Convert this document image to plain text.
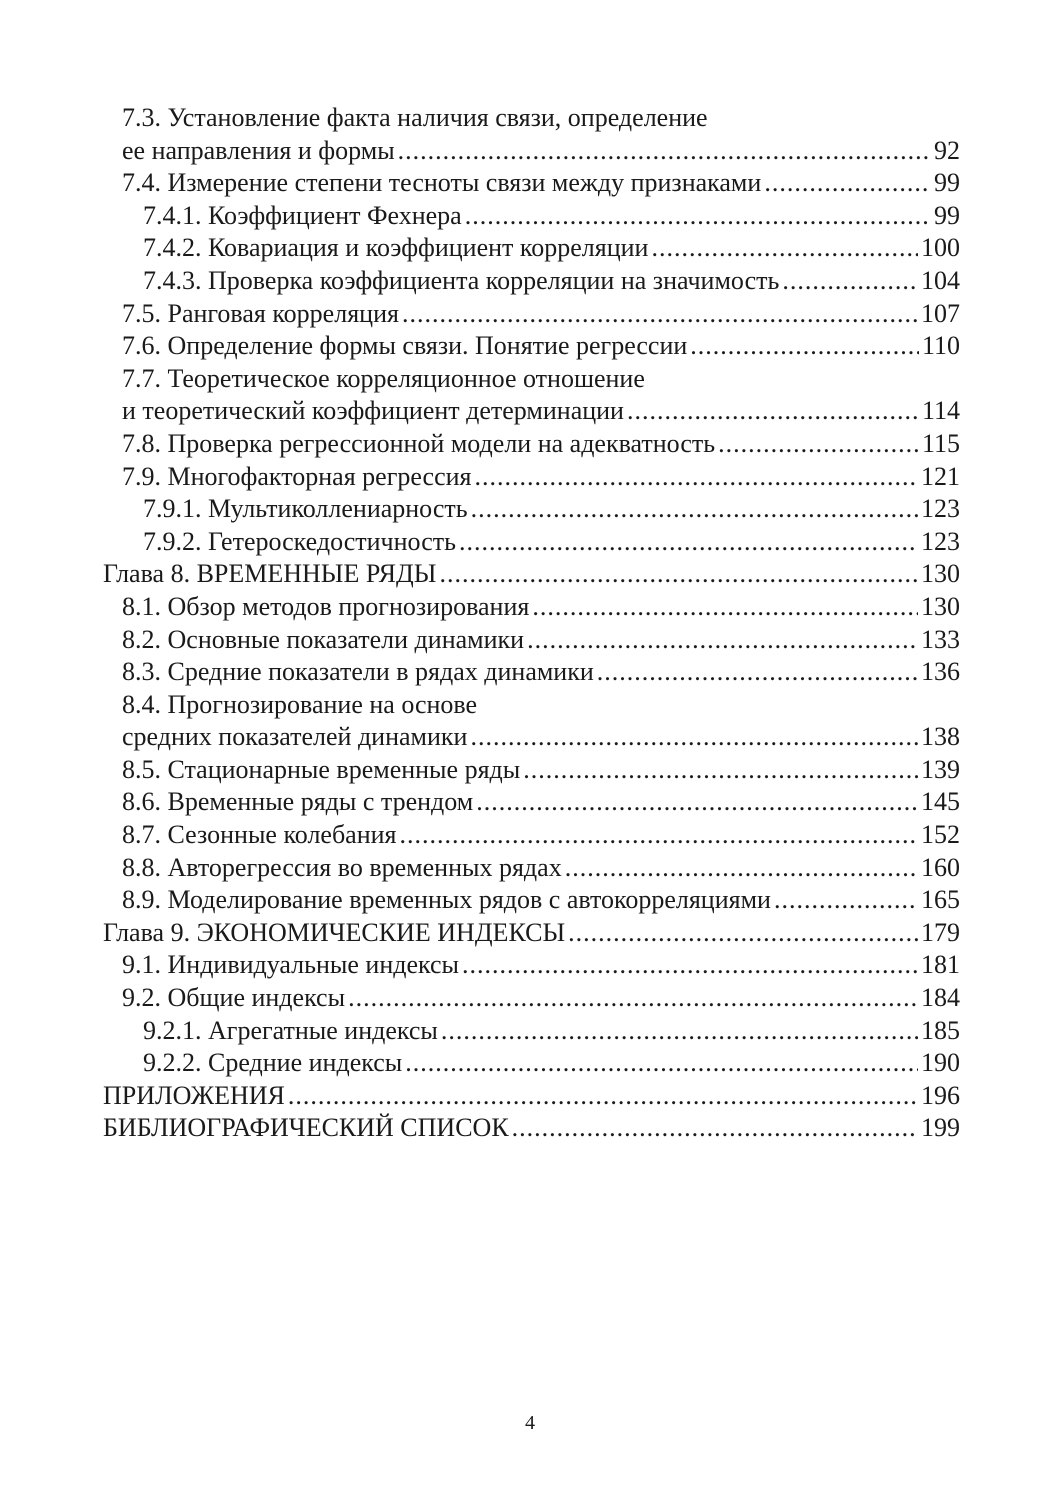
7.3. Установление факта наличия связи, определение
ее направления и формы .....	92
7.4. Измерение степени тесноты связи между признаками .....	99
7.4.1. Коэффициент Фехнера .....	99
7.4.2. Ковариация и коэффициент корреляции .....	100
7.4.3. Проверка коэффициента корреляции на значимость .....	104
7.5. Ранговая корреляция .....	107
7.6. Определение формы связи. Понятие регрессии .....	110
7.7. Теоретическое корреляционное отношение
и теоретический коэффициент детерминации .....	114
7.8. Проверка регрессионной модели на адекватность .....	115
7.9. Многофакторная регрессия .....	121
7.9.1. Мультиколлениарность .....	123
7.9.2. Гетероскедостичность .....	123
Глава 8. ВРЕМЕННЫЕ РЯДЫ .....	130
8.1. Обзор методов прогнозирования .....	130
8.2. Основные показатели динамики .....	133
8.3. Средние показатели в рядах динамики .....	136
8.4. Прогнозирование на основе
средних показателей динамики .....	138
8.5. Стационарные временные ряды .....	139
8.6. Временные ряды с трендом .....	145
8.7. Сезонные колебания .....	152
8.8. Авторегрессия во временных рядах .....	160
8.9. Моделирование временных рядов с автокорреляциями .....	165
Глава 9. ЭКОНОМИЧЕСКИЕ ИНДЕКСЫ .....	179
9.1. Индивидуальные индексы .....	181
9.2. Общие индексы .....	184
9.2.1. Агрегатные индексы .....	185
9.2.2. Средние индексы .....	190
ПРИЛОЖЕНИЯ .....	196
БИБЛИОГРАФИЧЕСКИЙ СПИСОК .....	199
4
